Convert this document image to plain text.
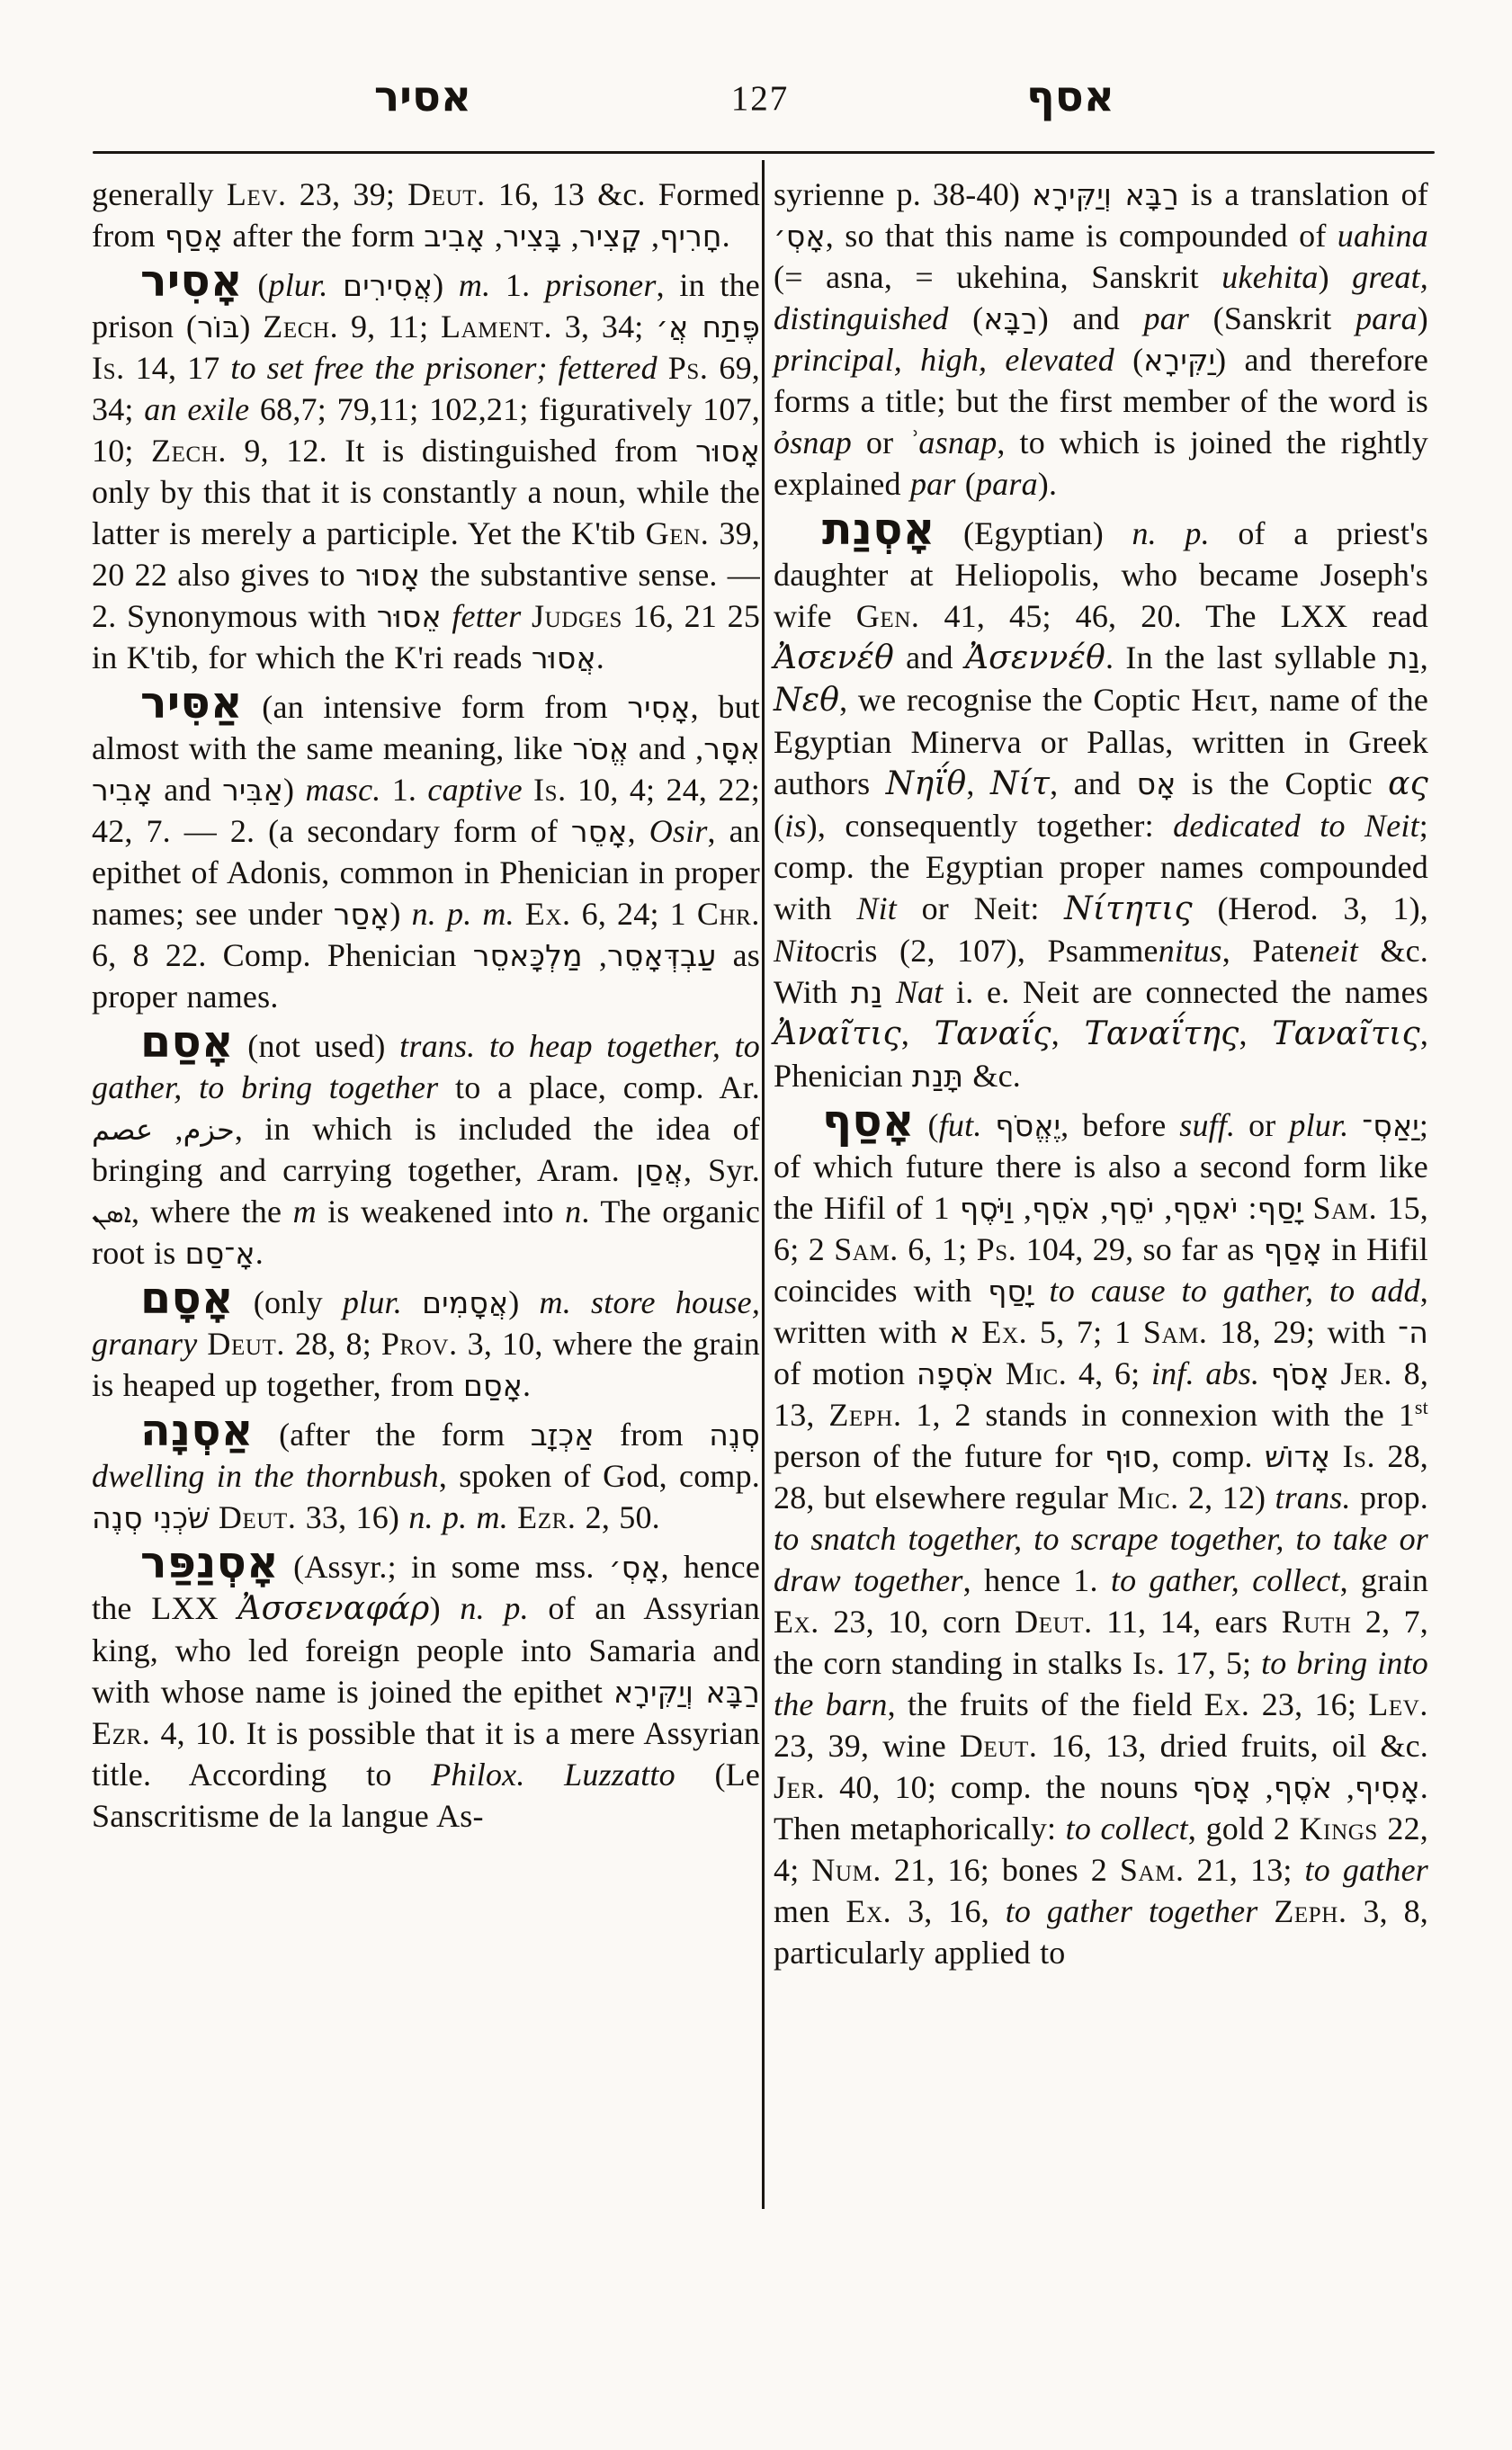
אסיר	127	אסף

generally Lev. 23, 39; Deut. 16, 13 &c. Formed from אָסַף after the form	חָרִיף, קָצִיר, בָּצִיר, אָבִיב	.

אָסִיר (plur. אֲסִירִים) m. 1. prisoner, in the prison (בּוֹר) Zech. 9, 11; Lament. 3, 34; פֶּתַח אֲ׳ Is. 14, 17 to set free the prisoner; fettered Ps. 69, 34; an exile 68,7; 79,11; 102,21; figuratively 107, 10; Zech. 9, 12. It is distinguished from אָסוּר only by this that it is constantly a noun, while the latter is merely a participle. Yet the K'tib Gen. 39, 20 22 also gives to אָסוּר the substantive sense. — 2. Synonymous with אֵסוּר fetter Judges 16, 21 25 in K'tib, for which the K'ri reads אֲסוּר.

אַסִּיר (an intensive form from אָסִיר, but almost with the same meaning, like אֱסֹר and אִסָּר, אָבִיר and אַבִּיר) masc. 1. captive Is. 10, 4; 24, 22; 42, 7. — 2. (a secondary form of אָסֵר, Osir, an epithet of Adonis, common in Phenician in proper names; see under אָסַר) n. p. m. Ex. 6, 24; 1 Chr. 6, 8 22. Comp. Phenician	עַבְדְּאָסֵר, מַלְכָּאסֵר	as proper names.

אָסַם (not used) trans. to heap together, to gather, to bring together to a place, comp. Ar. حزم, عصم	, in which is included the idea of bringing and carrying together, Aram. אֲסַן, Syr. ܐܣܢ, where the m is weakened into n. The organic root is אָ־סַם.

אָסָם (only plur. אֲסָמִים) m. store house, granary Deut. 28, 8; Prov. 3, 10, where the grain is heaped up together, from אָסַם.

אַסְנָה (after the form אַכְזָב from סְנֶה dwelling in the thornbush, spoken of God, comp. שֹׁכְנִי סְנֶה Deut. 33, 16) n. p. m. Ezr. 2, 50.

אָסְנַפַּר (Assyr.; in some mss. אָסְ׳, hence the LXX Ἀσσεναφάρ) n. p. of an Assyrian king, who led foreign people into Samaria and with whose name is joined the epithet רַבָּא וְיַקִּירָא Ezr. 4, 10. It is possible that it is a mere Assyrian title. According to Philox. Luzzatto (Le Sanscritisme de la langue As-

syrienne p. 38-40) רַבָּא וְיַקִּירָא is a translation of אָסְ׳, so that this name is compounded of uahina (= asna, = ukehina, Sanskrit ukehita) great, distinguished (רַבָּא) and par (Sanskrit para) principal, high, elevated (יַקִּירָא) and therefore forms a title; but the first member of the word is ỏsnap or ʾasnap, to which is joined the rightly explained par (para).

אָסְנַת (Egyptian) n. p. of a priest's daughter at Heliopolis, who became Joseph's wife Gen. 41, 45; 46, 20. The LXX read Ἀσενέθ and Ἀσεννέθ. In the last syllable נַת, Νεθ, we recognise the Coptic Ηειτ, name of the Egyptian Minerva or Pallas, written in Greek authors Νηΐθ, Νίτ, and אָס is the Coptic ας (is), consequently together: dedicated to Neit; comp. the Egyptian proper names compounded with Nit or Neit: Νίτητις (Herod. 3, 1), Nitocris (2, 107), Psammenitus, Pateneit &c. With נַת Nat i. e. Neit are connected the names Ἀναῖτις, Ταναΐς, Ταναΐτης, Ταναῖτις, Phenician תָּנַת &c.

אָסַף (fut. יֶאֱסֹף, before suff. or plur. יַאַסְ־; of which future there is also a second form like the Hifil of	יָסַף: יֹאסֵף, יֹסֵף, אֹסֵף, וַיֹּסֶף 1 Sam. 15, 6; 2 Sam. 6, 1; Ps. 104, 29, so far as אָסַף in Hifil coincides with יָסַף to cause to gather, to add, written with א Ex. 5, 7; 1 Sam. 18, 29; with ה־ of motion אֹסְפָה Mic. 4, 6; inf. abs. אָסֹף Jer. 8, 13, Zeph. 1, 2 stands in connexion with the 1st person of the future for סוּף, comp. אָדוֹשׁ Is. 28, 28, but elsewhere regular Mic. 2, 12) trans. prop. to snatch together, to scrape together, to take or draw together, hence 1. to gather, collect, grain Ex. 23, 10, corn Deut. 11, 14, ears Ruth 2, 7, the corn standing in stalks Is. 17, 5; to bring into the barn, the fruits of the field Ex. 23, 16; Lev. 23, 39, wine Deut. 16, 13, dried fruits, oil &c. Jer. 40, 10; comp. the nouns	אָסִיף, אֹסֶף, אָסֹף	. Then metaphorically: to collect, gold 2 Kings 22, 4; Num. 21, 16; bones 2 Sam. 21, 13; to gather men Ex. 3, 16, to gather together Zeph. 3, 8, particularly applied to
